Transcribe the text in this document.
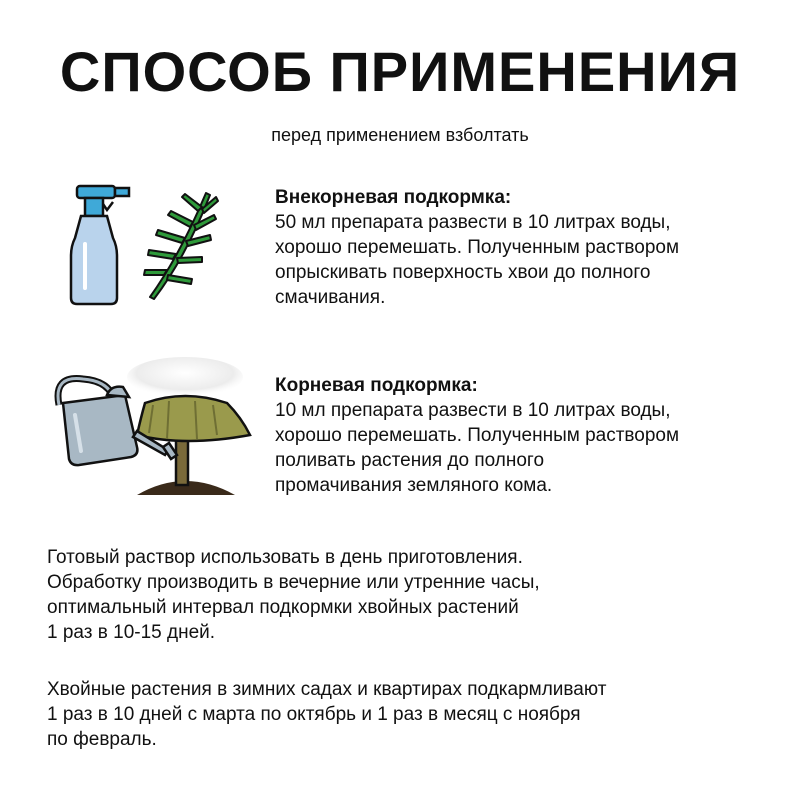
СПОСОБ ПРИМЕНЕНИЯ
перед применением взболтать
Внекорневая подкормка:
50 мл препарата развести в 10 литрах воды,
хорошо перемешать. Полученным раствором
опрыскивать поверхность хвои до полного
смачивания.
Корневая подкормка:
10 мл препарата развести в 10 литрах воды,
хорошо перемешать. Полученным раствором
поливать растения до полного
промачивания земляного кома.
Готовый раствор использовать в день приготовления.
Обработку производить в вечерние или утренние часы,
оптимальный интервал подкормки хвойных растений
1 раз в 10-15 дней.
Хвойные растения в зимних садах и квартирах подкармливают
1 раз в 10 дней с марта по октябрь и 1 раз в месяц с ноября
по февраль.
